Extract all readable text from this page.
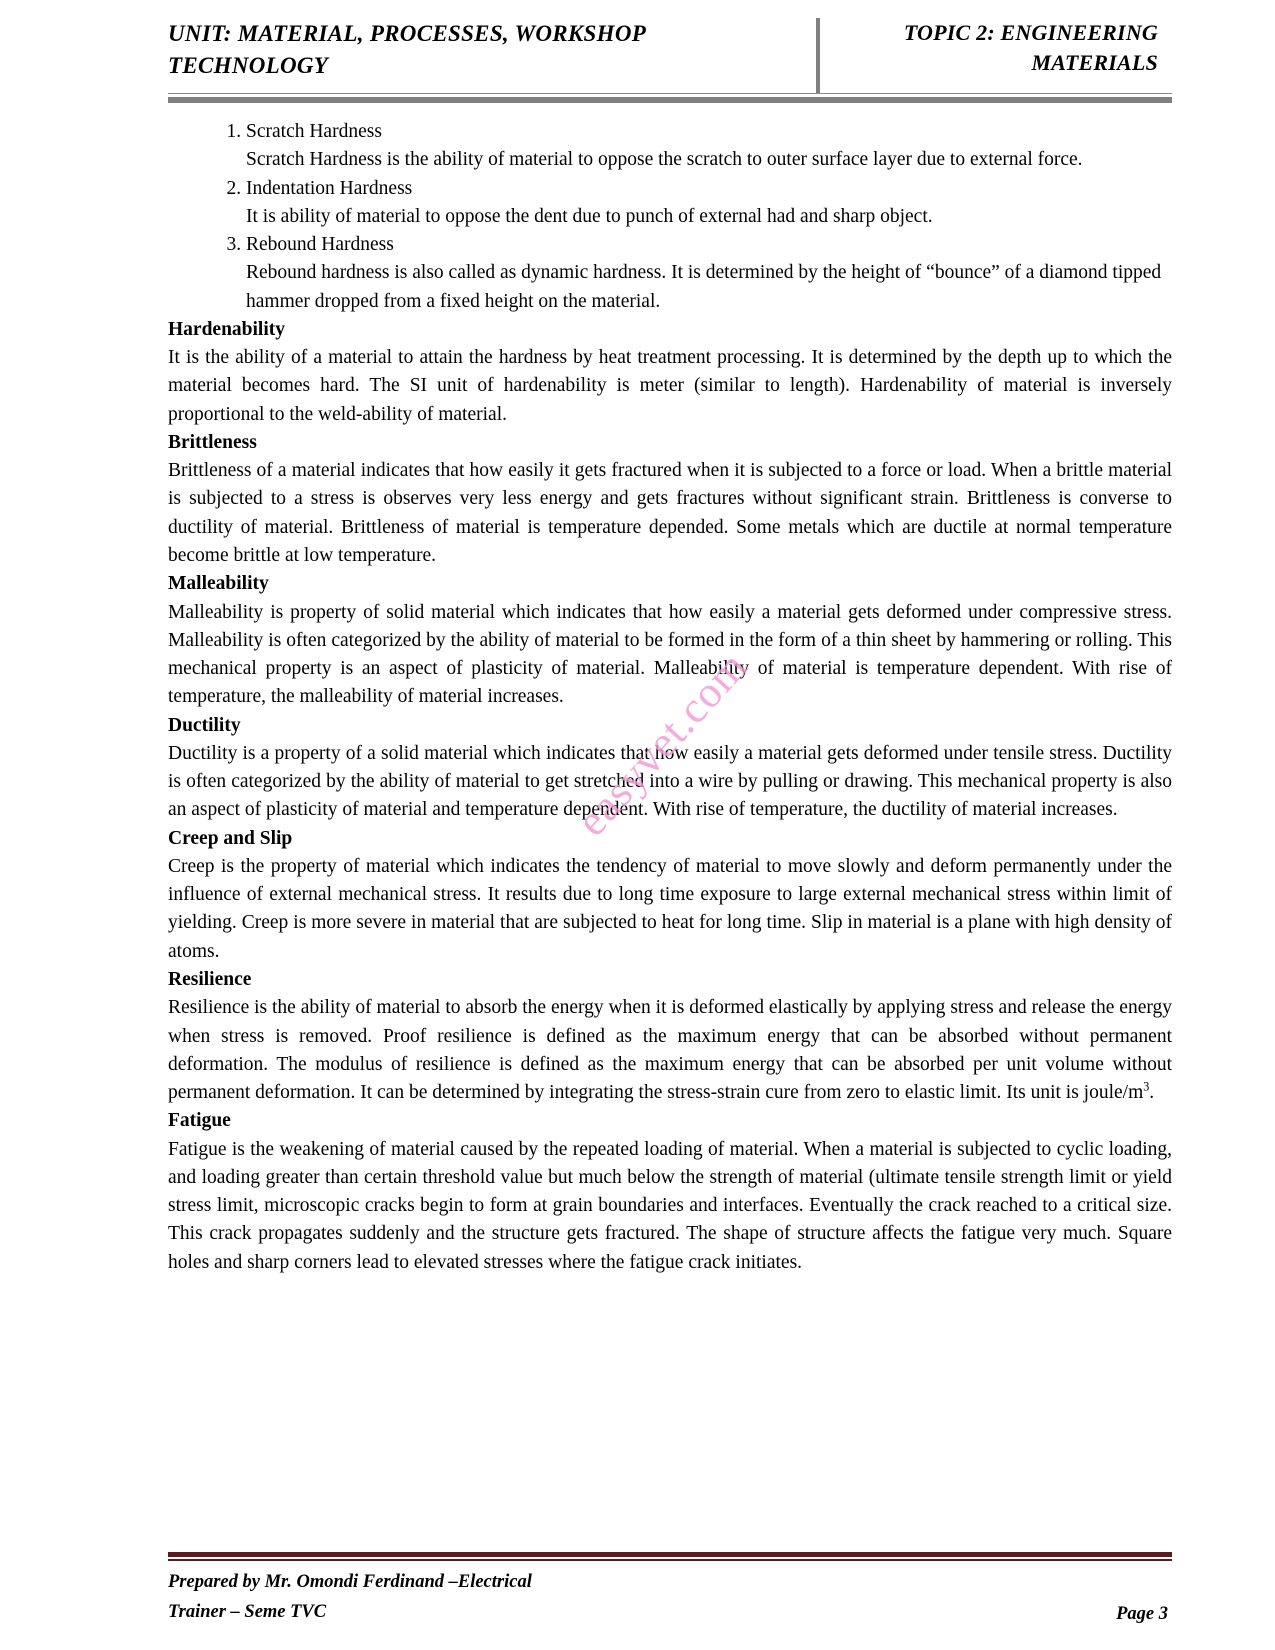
UNIT: MATERIAL, PROCESSES, WORKSHOP
TECHNOLOGY
TOPIC 2: ENGINEERING
MATERIALS
1. Scratch Hardness
Scratch Hardness is the ability of material to oppose the scratch to outer surface layer due to external force.
2. Indentation Hardness
It is ability of material to oppose the dent due to punch of external had and sharp object.
3. Rebound Hardness
Rebound hardness is also called as dynamic hardness. It is determined by the height of “bounce” of a diamond tipped hammer dropped from a fixed height on the material.
Hardenability

It is the ability of a material to attain the hardness by heat treatment processing. It is determined by the depth up to which the material becomes hard. The SI unit of hardenability is meter (similar to length). Hardenability of material is inversely proportional to the weld-ability of material.

Brittleness

Brittleness of a material indicates that how easily it gets fractured when it is subjected to a force or load. When a brittle material is subjected to a stress is observes very less energy and gets fractures without significant strain. Brittleness is converse to ductility of material. Brittleness of material is temperature depended. Some metals which are ductile at normal temperature become brittle at low temperature.

Malleability

Malleability is property of solid material which indicates that how easily a material gets deformed under compressive stress. Malleability is often categorized by the ability of material to be formed in the form of a thin sheet by hammering or rolling. This mechanical property is an aspect of plasticity of material. Malleability of material is temperature dependent. With rise of temperature, the malleability of material increases.

Ductility

Ductility is a property of a solid material which indicates that how easily a material gets deformed under tensile stress. Ductility is often categorized by the ability of material to get stretched into a wire by pulling or drawing. This mechanical property is also an aspect of plasticity of material and temperature dependent. With rise of temperature, the ductility of material increases.

Creep and Slip

Creep is the property of material which indicates the tendency of material to move slowly and deform permanently under the influence of external mechanical stress. It results due to long time exposure to large external mechanical stress within limit of yielding. Creep is more severe in material that are subjected to heat for long time. Slip in material is a plane with high density of atoms.

Resilience

Resilience is the ability of material to absorb the energy when it is deformed elastically by applying stress and release the energy when stress is removed. Proof resilience is defined as the maximum energy that can be absorbed without permanent deformation. The modulus of resilience is defined as the maximum energy that can be absorbed per unit volume without permanent deformation. It can be determined by integrating the stress-strain cure from zero to elastic limit. Its unit is joule/$m^3$.

Fatigue

Fatigue is the weakening of material caused by the repeated loading of material. When a material is subjected to cyclic loading, and loading greater than certain threshold value but much below the strength of material (ultimate tensile strength limit or yield stress limit, microscopic cracks begin to form at grain boundaries and interfaces. Eventually the crack reached to a critical size. This crack propagates suddenly and the structure gets fractured. The shape of structure affects the fatigue very much. Square holes and sharp corners lead to elevated stresses where the fatigue crack initiates.

easyvet.com
Prepared by Mr. Omondi Ferdinand –Electrical
Trainer – Seme TVC	Page 3
